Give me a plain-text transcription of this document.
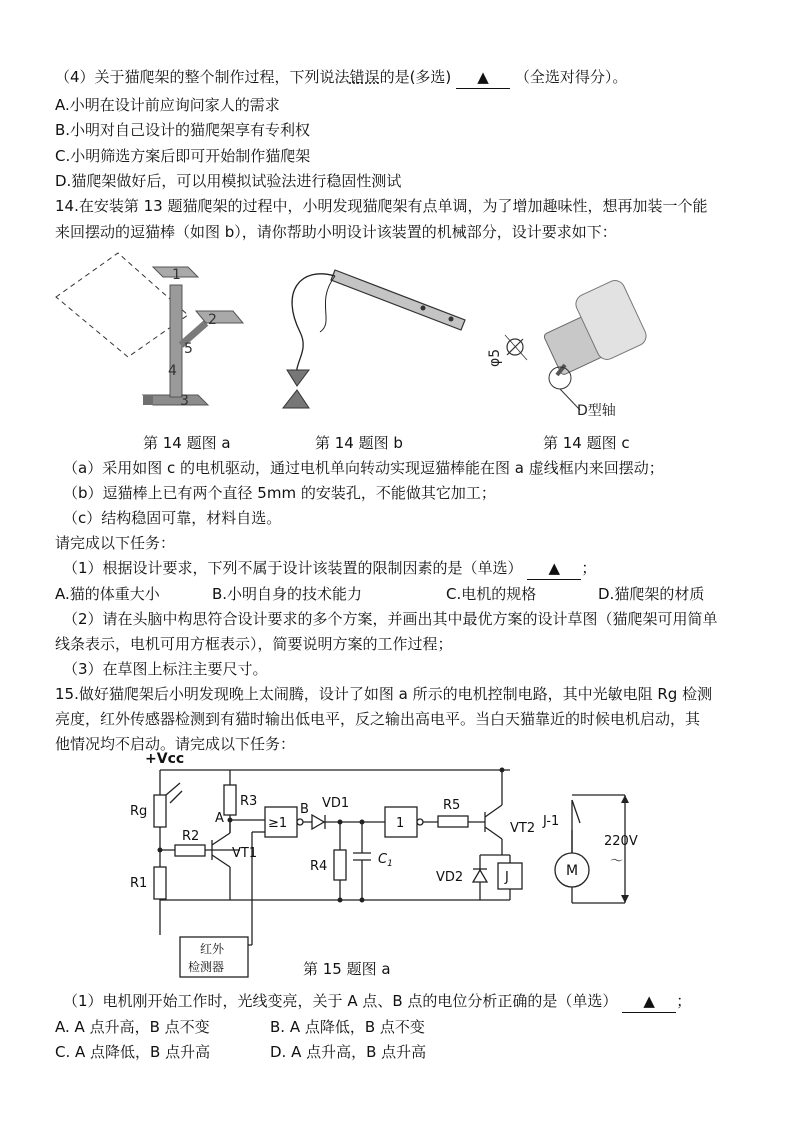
（4）关于猫爬架的整个制作过程，下列说法错误的是(多选) ▲ （全选对得分）。
A.小明在设计前应询问家人的需求
B.小明对自己设计的猫爬架享有专利权
C.小明筛选方案后即可开始制作猫爬架
D.猫爬架做好后，可以用模拟试验法进行稳固性测试
14.在安装第 13 题猫爬架的过程中，小明发现猫爬架有点单调，为了增加趣味性，想再加装一个能
来回摆动的逗猫棒（如图 b），请你帮助小明设计该装置的机械部分，设计要求如下：
1
2
5
4
3
φ5
D型轴
第 14 题图 a	第 14 题图 b	第 14 题图 c
（a）采用如图 c 的电机驱动，通过电机单向转动实现逗猫棒能在图 a 虚线框内来回摆动；
（b）逗猫棒上已有两个直径 5mm 的安装孔，不能做其它加工；
（c）结构稳固可靠，材料自选。
请完成以下任务：
（1）根据设计要求，下列不属于设计该装置的限制因素的是（单选） ▲ ；
A.猫的体重大小	B.小明自身的技术能力	C.电机的规格	D.猫爬架的材质
（2）请在头脑中构思符合设计要求的多个方案，并画出其中最优方案的设计草图（猫爬架可用简单
线条表示，电机可用方框表示），简要说明方案的工作过程；
（3）在草图上标注主要尺寸。
15.做好猫爬架后小明发现晚上太闹腾，设计了如图 a 所示的电机控制电路，其中光敏电阻 Rg 检测
亮度，红外传感器检测到有猫时输出低电平，反之输出高电平。当白天猫靠近的时候电机启动，其
他情况均不启动。请完成以下任务：
+Vcc
Rg
R1
R2
R3
A
VT1
≥1
B VD1
R4	$C_1$
1
R5
VT2
VD2	J
J-1
M
220V
～
红外
检测器	第 15 题图 a
（1）电机刚开始工作时，光线变亮，关于 A 点、B 点的电位分析正确的是（单选） ▲ ；
A. A 点升高，B 点不变	B. A 点降低，B 点不变
C. A 点降低，B 点升高	D. A 点升高，B 点升高
